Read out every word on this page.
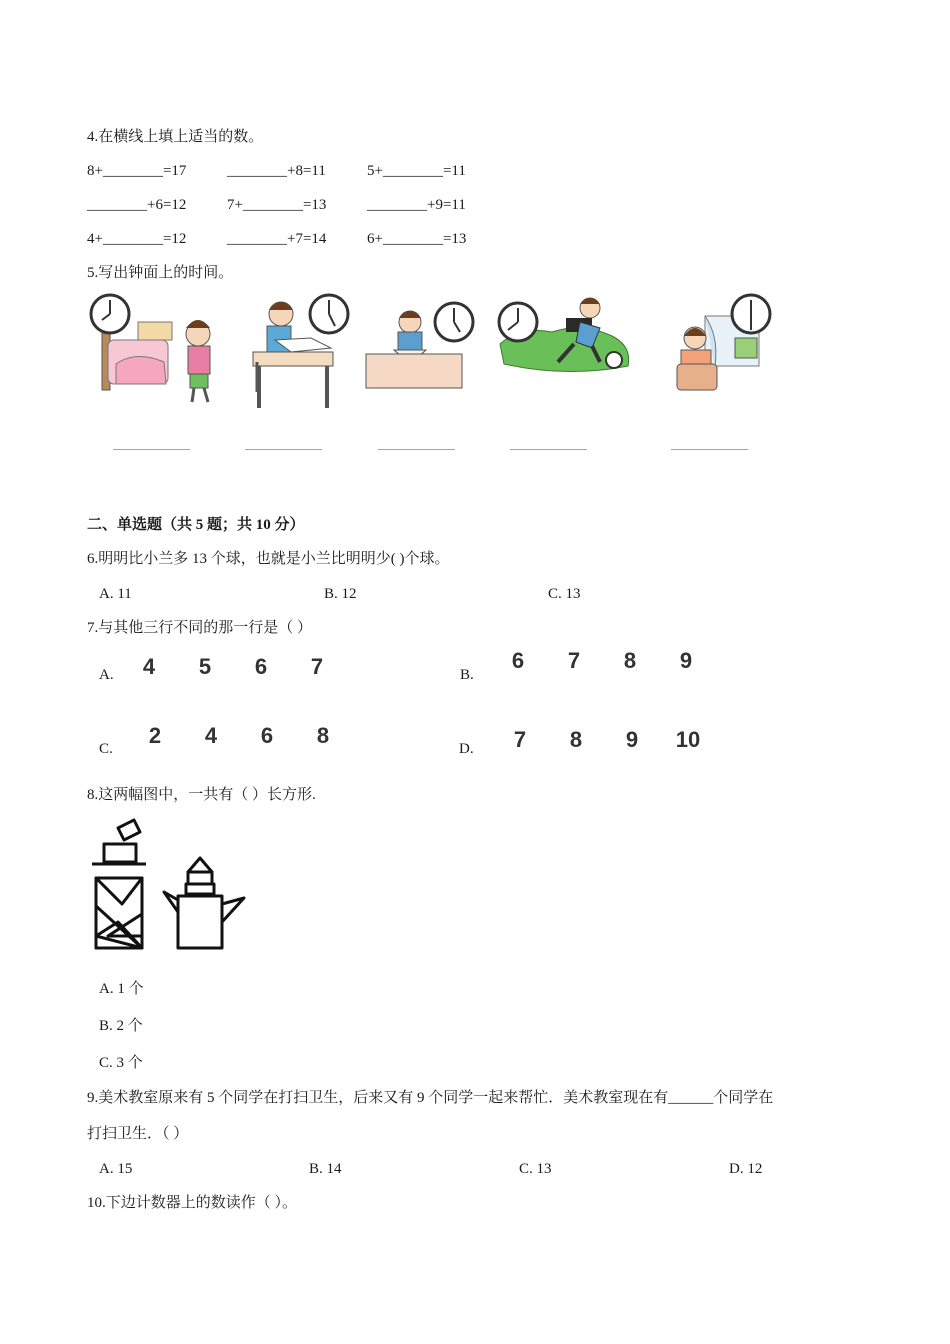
4.在横线上填上适当的数。
8+________=17	________+8=11	5+________=11
________+6=12	7+________=13	________+9=11
4+________=12	________+7=14	6+________=13
5.写出钟面上的时间。
二、单选题（共 5 题；共 10 分）
6.明明比小兰多 13 个球，也就是小兰比明明少( )个球。
A. 11	B. 12	C. 13
7.与其他三行不同的那一行是（ ）
A.	4 5 6 7	B.
6 7 8 9
C.
2 4 6 8
D.	7 8 9 10
8.这两幅图中，一共有（ ）长方形.
A. 1 个
B. 2 个
C. 3 个
9.美术教室原来有 5 个同学在打扫卫生，后来又有 9 个同学一起来帮忙．美术教室现在有______个同学在
打扫卫生．（ ）
A. 15	B. 14	C. 13	D. 12
10.下边计数器上的数读作（ ）。
